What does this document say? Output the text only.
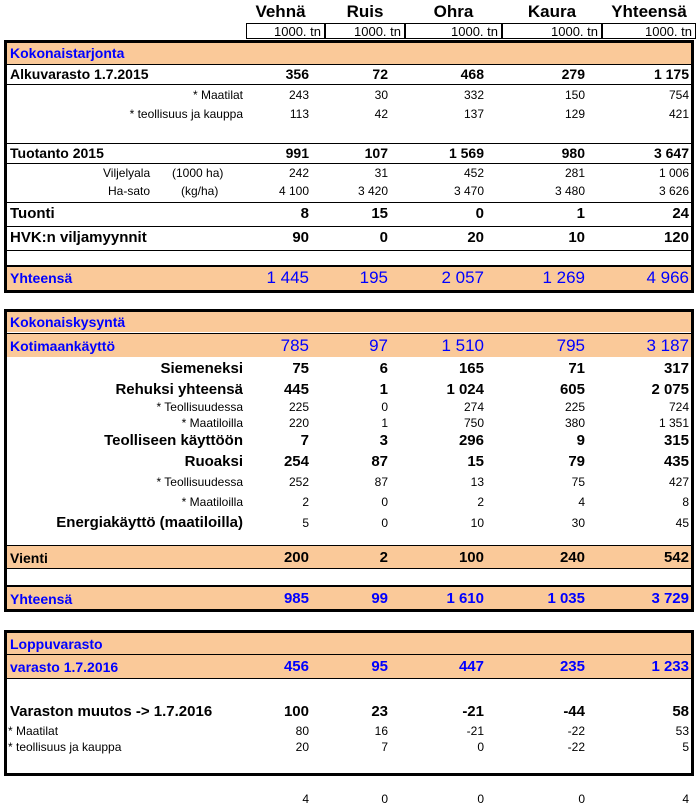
Vehnä	Ruis	Ohra	Kaura	Yhteensä
1000. tn	1000. tn	1000. tn	1000. tn	1000. tn
Kokonaistarjonta
Alkuvarasto 1.7.2015	356	72	468	279	1 175
* Maatilat	243	30	332	150	754
* teollisuus ja kauppa	113	42	137	129	421
Tuotanto 2015	991	107	1 569	980	3 647
Viljelyala (1000 ha)	242	31	452	281	1 006
Ha-sato	(kg/ha)	4 100	3 420	3 470	3 480	3 626
Tuonti	8	15	0	1	24
HVK:n viljamyynnit	90	0	20	10	120
Yhteensä	1 445	195	2 057	1 269	4 966
Kokonaiskysyntä
Kotimaankäyttö	785	97	1 510	795	3 187
Siemeneksi	75	6	165	71	317
Rehuksi yhteensä	445	1	1 024	605	2 075
* Teollisuudessa	225	0	274	225	724
* Maatiloilla	220	1	750	380	1 351
Teolliseen käyttöön	7	3	296	9	315
Ruoaksi	254	87	15	79	435
* Teollisuudessa	252	87	13	75	427
* Maatiloilla	2	0	2	4	8
Energiakäyttö (maatiloilla)	5	0	10	30	45
Vienti	200	2	100	240	542
Yhteensä	985	99	1 610	1 035	3 729
Loppuvarasto
varasto 1.7.2016	456	95	447	235	1 233
Varaston muutos -> 1.7.2016	100	23	-21	-44	58
* Maatilat	80	16	-21	-22	53
* teollisuus ja kauppa	20	7	0	-22	5
4	0	0	0	4
